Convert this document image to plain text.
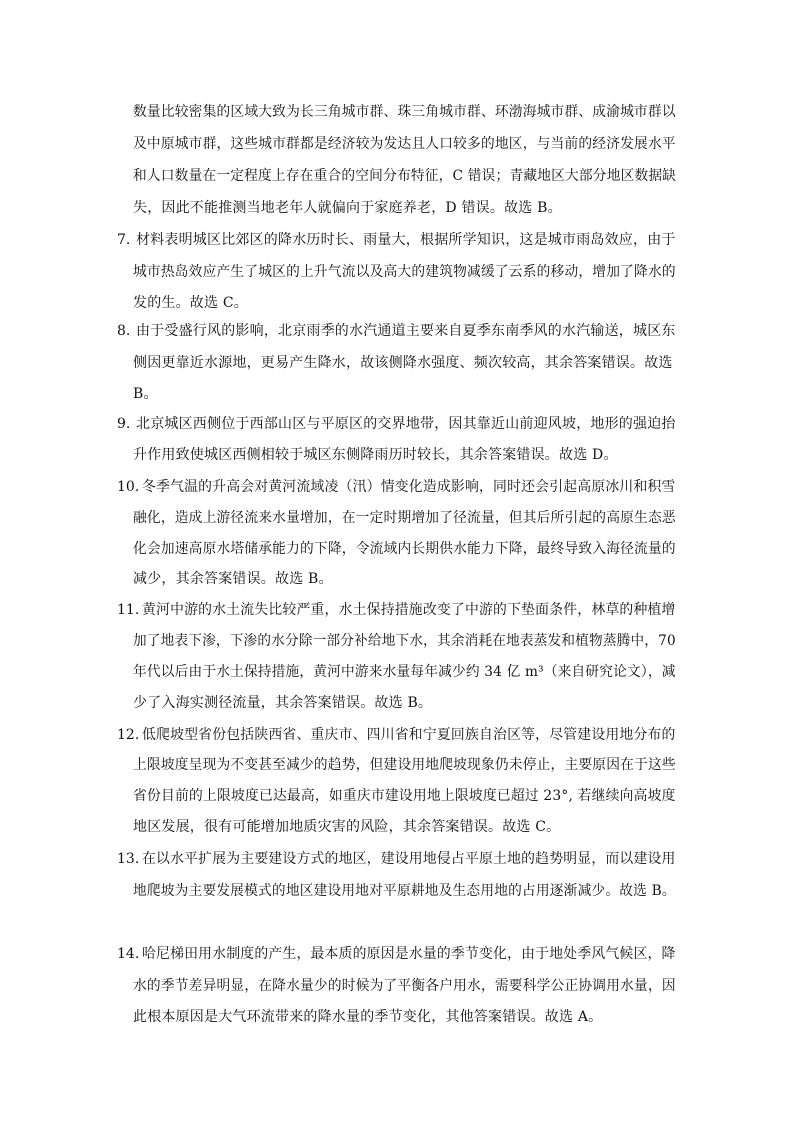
数量比较密集的区域大致为长三角城市群、珠三角城市群、环渤海城市群、成渝城市群以
及中原城市群，这些城市群都是经济较为发达且人口较多的地区，与当前的经济发展水平
和人口数量在一定程度上存在重合的空间分布特征，C 错误；青藏地区大部分地区数据缺
失，因此不能推测当地老年人就偏向于家庭养老，D 错误。故选 B。
7. 材料表明城区比郊区的降水历时长、雨量大，根据所学知识，这是城市雨岛效应，由于
城市热岛效应产生了城区的上升气流以及高大的建筑物减缓了云系的移动，增加了降水的
发的生。故选 C。
8. 由于受盛行风的影响，北京雨季的水汽通道主要来自夏季东南季风的水汽输送，城区东
侧因更靠近水源地，更易产生降水，故该侧降水强度、频次较高，其余答案错误。故选
B。
9. 北京城区西侧位于西部山区与平原区的交界地带，因其靠近山前迎风坡，地形的强迫抬
升作用致使城区西侧相较于城区东侧降雨历时较长，其余答案错误。故选 D。
10. 冬季气温的升高会对黄河流域凌（汛）情变化造成影响，同时还会引起高原冰川和积雪
融化，造成上游径流来水量增加，在一定时期增加了径流量，但其后所引起的高原生态恶
化会加速高原水塔储承能力的下降，令流域内长期供水能力下降，最终导致入海径流量的
减少，其余答案错误。故选 B。
11. 黄河中游的水土流失比较严重，水土保持措施改变了中游的下垫面条件，林草的种植增
加了地表下渗，下渗的水分除一部分补给地下水，其余消耗在地表蒸发和植物蒸腾中，70
年代以后由于水土保持措施，黄河中游来水量每年减少约 34 亿 m³（来自研究论文），减
少了入海实测径流量，其余答案错误。故选 B。
12. 低爬坡型省份包括陕西省、重庆市、四川省和宁夏回族自治区等，尽管建设用地分布的
上限坡度呈现为不变甚至减少的趋势，但建设用地爬坡现象仍未停止，主要原因在于这些
省份目前的上限坡度已达最高，如重庆市建设用地上限坡度已超过 23°, 若继续向高坡度
地区发展，很有可能增加地质灾害的风险，其余答案错误。故选 C。
13. 在以水平扩展为主要建设方式的地区，建设用地侵占平原土地的趋势明显，而以建设用
地爬坡为主要发展模式的地区建设用地对平原耕地及生态用地的占用逐渐减少。故选 B。
14. 哈尼梯田用水制度的产生，最本质的原因是水量的季节变化，由于地处季风气候区，降
水的季节差异明显，在降水量少的时候为了平衡各户用水，需要科学公正协调用水量，因
此根本原因是大气环流带来的降水量的季节变化，其他答案错误。故选 A。
